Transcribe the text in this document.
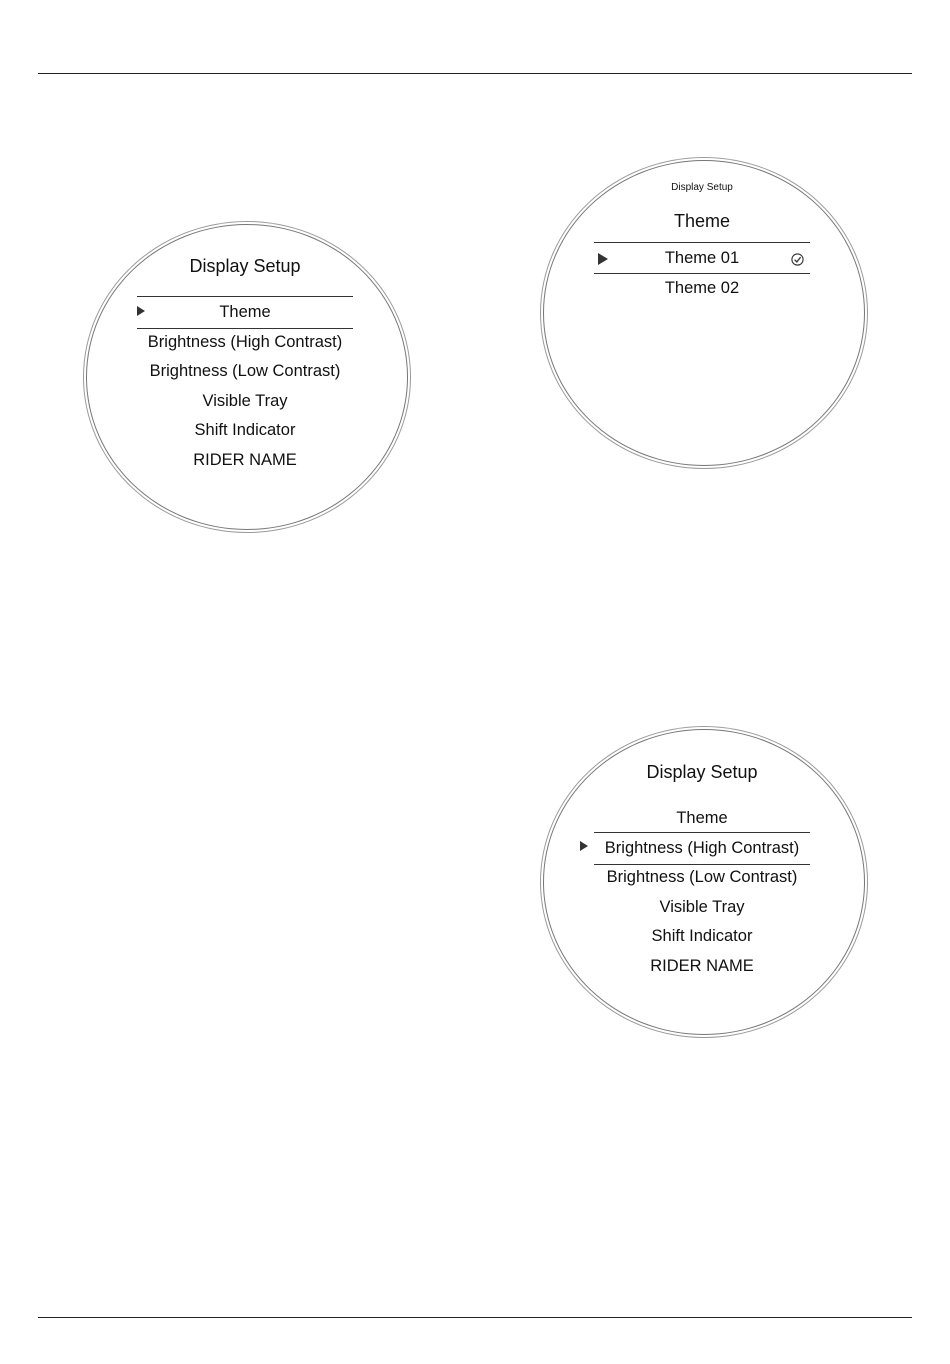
Display Setup
Theme
Brightness (High Contrast)
Brightness (Low Contrast)
Visible Tray
Shift Indicator
RIDER NAME
Display Setup
Theme
Theme 01
Theme 02
Display Setup
Theme
Brightness (High Contrast)
Brightness (Low Contrast)
Visible Tray
Shift Indicator
RIDER NAME
